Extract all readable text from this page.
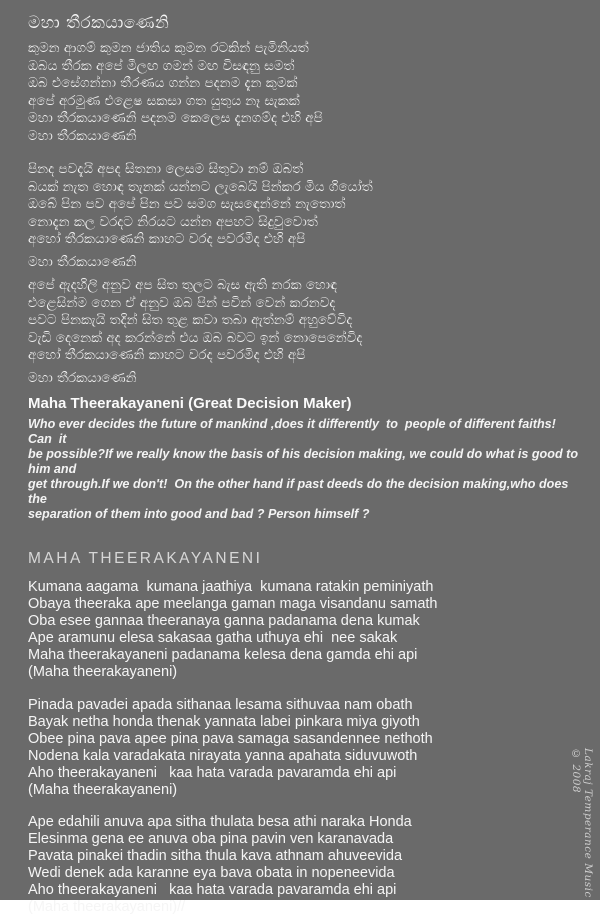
මහා තීරකයාණෙනි
කුමන ආගම් කුමන ජාතිය කුමන රටකින් පැමිනියත්
ඔබය තීරක අපේ මීලඟ ගමන් මඟ විසඳනු සමත්
ඔබ එසේගන්නා තීරණය ගන්න පදනම දැන කුමක්
අපේ අරමුණ එළෙෂ සකසා ගත යුතුය නෑ සැකක්
මහා තීරකයාණෙනි පදනම කෙලෙස දැනගම්ද එහි අපි
මහා තීරකයාණෙනි
පිනද පවදැයි අපද සිතනා ලෙසම සිතුවා නම් ඔබත්
බයක් නැත හොඳ තැනක් යන්නට ලැබෙයි පින්කර මිය ගියෝත්
ඔබේ පින පව අපේ පින පව සමග සැසඳෙන්නේ නැතොත්
නොදැන කල වරදට නිරයට යන්න අපහට සිදුවුවොත්
අහෝ තීරකයාණෙනි කාහට වරද පවරමීද එහි අපි
මහා තීරකයාණෙනි
අපේ ඇදහිලි අනුව අප සිත තුලට බැස ඇති නරක හොඳ
එළෙසින්ම ගෙන ඒ අනුව ඔබ පින් පවින් වෙන් කරනවද
පවට පිනකැයි තදින් සිත තුළ කවා තබා ඇත්නම් අහුවේවිද
වැඩි දෙනෙක් අද කරන්නේ එය ඔබ බවට ඉන් නොපෙනේවිද
අහෝ තීරකයාණෙනි කාහට වරද පවරමිද එහි අපි
මහා තීරකයාණෙනි
Maha Theerakayaneni (Great Decision Maker)
Who ever decides the future of mankind ,does it differently  to  people of different faiths! Can  it
be possible?If we really know the basis of his decision making, we could do what is good to  him and
get through.If we don't!  On the other hand if past deeds do the decision making,who does the
separation of them into good and bad ? Person himself ?
MAHA THEERAKAYANENI
Kumana aagama  kumana jaathiya  kumana ratakin peminiyath
Obaya theeraka ape meelanga gaman maga visandanu samath
Oba esee gannaa theeranaya ganna padanama dena kumak
Ape aramunu elesa sakasaa gatha uthuya ehi  nee sakak
Maha theerakayaneni padanama kelesa dena gamda ehi api
(Maha theerakayaneni)
Pinada pavadei apada sithanaa lesama sithuvaa nam obath
Bayak netha honda thenak yannata labei pinkara miya giyoth
Obee pina pava apee pina pava samaga sasandennee nethoth
Nodena kala varadakata nirayata yanna apahata siduvuwoth
Aho theerakayaneni   kaa hata varada pavaramda ehi api
(Maha theerakayaneni)
Ape edahili anuva apa sitha thulata besa athi naraka Honda
Elesinma gena ee anuva oba pina pavin ven karanavada
Pavata pinakei thadin sitha thula kava athnam ahuveevida
Wedi denek ada karanne eya bava obata in nopeneevida
Aho theerakayaneni   kaa hata varada pavaramda ehi api
(Maha theerakayaneni)//
Lakraj Temperance Music © 2008
